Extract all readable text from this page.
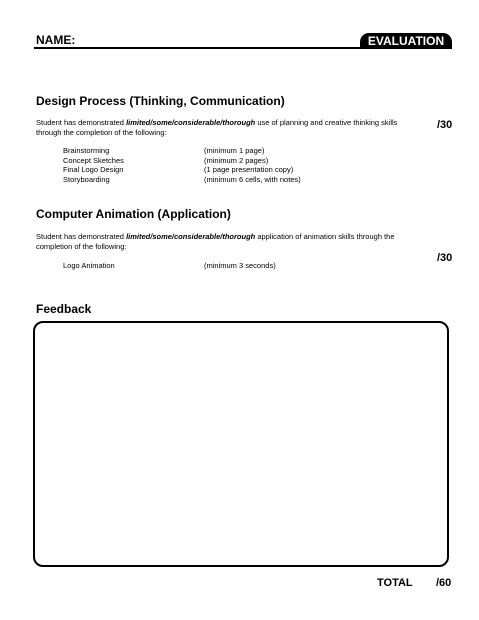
NAME:	EVALUATION
Design Process (Thinking, Communication)
Student has demonstrated limited/some/considerable/thorough use of planning and creative thinking skills through the completion of the following:
/30
Brainstorming	(minimum 1 page)
Concept Sketches	(minimum 2 pages)
Final Logo Design	(1 page presentation copy)
Storyboarding	(minimum 6 cells, with notes)
Computer Animation (Application)
Student has demonstrated limited/some/considerable/thorough application of animation skills through the completion of the following:
/30
Logo Animation	(minimum 3 seconds)
Feedback
TOTAL /60
